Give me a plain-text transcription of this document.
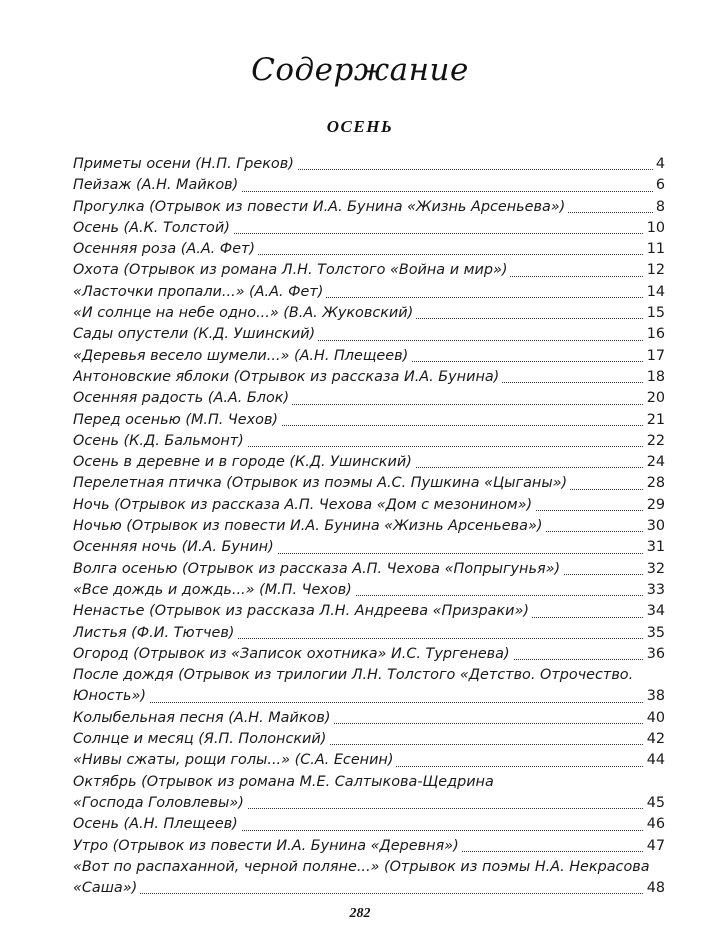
Содержание
ОСЕНЬ
Приметы осени (Н.П. Греков)	4
Пейзаж (А.Н. Майков)	6
Прогулка (Отрывок из повести И.А. Бунина «Жизнь Арсеньева»)	8
Осень (А.К. Толстой)	10
Осенняя роза (А.А. Фет)	11
Охота (Отрывок из романа Л.Н. Толстого «Война и мир»)	12
«Ласточки пропали...» (А.А. Фет)	14
«И солнце на небе одно...» (В.А. Жуковский)	15
Сады опустели (К.Д. Ушинский)	16
«Деревья весело шумели...» (А.Н. Плещеев)	17
Антоновские яблоки (Отрывок из рассказа И.А. Бунина)	18
Осенняя радость (А.А. Блок)	20
Перед осенью (М.П. Чехов)	21
Осень (К.Д. Бальмонт)	22
Осень в деревне и в городе (К.Д. Ушинский)	24
Перелетная птичка (Отрывок из поэмы А.С. Пушкина «Цыганы»)	28
Ночь (Отрывок из рассказа А.П. Чехова «Дом с мезонином»)	29
Ночью (Отрывок из повести И.А. Бунина «Жизнь Арсеньева»)	30
Осенняя ночь (И.А. Бунин)	31
Волга осенью (Отрывок из рассказа А.П. Чехова «Попрыгунья»)	32
«Все дождь и дождь...» (М.П. Чехов)	33
Ненастье (Отрывок из рассказа Л.Н. Андреева «Призраки»)	34
Листья (Ф.И. Тютчев)	35
Огород (Отрывок из «Записок охотника» И.С. Тургенева)	36
После дождя (Отрывок из трилогии Л.Н. Толстого «Детство. Отрочество.
Юность»)	38
Колыбельная песня (А.Н. Майков)	40
Солнце и месяц (Я.П. Полонский)	42
«Нивы сжаты, рощи голы...» (С.А. Есенин)	44
Октябрь (Отрывок из романа М.Е. Салтыкова-Щедрина
«Господа Головлевы»)	45
Осень (А.Н. Плещеев)	46
Утро (Отрывок из повести И.А. Бунина «Деревня»)	47
«Вот по распаханной, черной поляне...» (Отрывок из поэмы Н.А. Некрасова
«Саша»)	48
282
